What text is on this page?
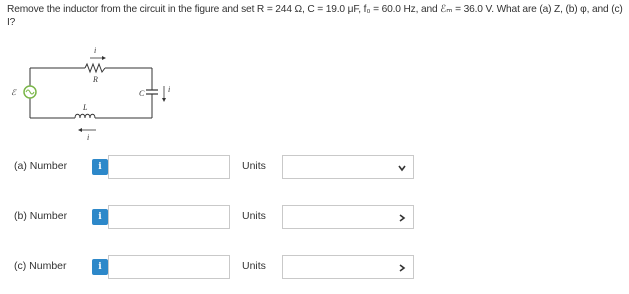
Remove the inductor from the circuit in the figure and set R = 244 Ω, C = 19.0 μF, f₀ = 60.0 Hz, and ℰₘ = 36.0 V. What are (a) Z, (b) φ, and (c) I?
i
R
L
i
C	i
ℰ
(a) Number	i	Units
(b) Number	i	Units
(c) Number	i	Units
